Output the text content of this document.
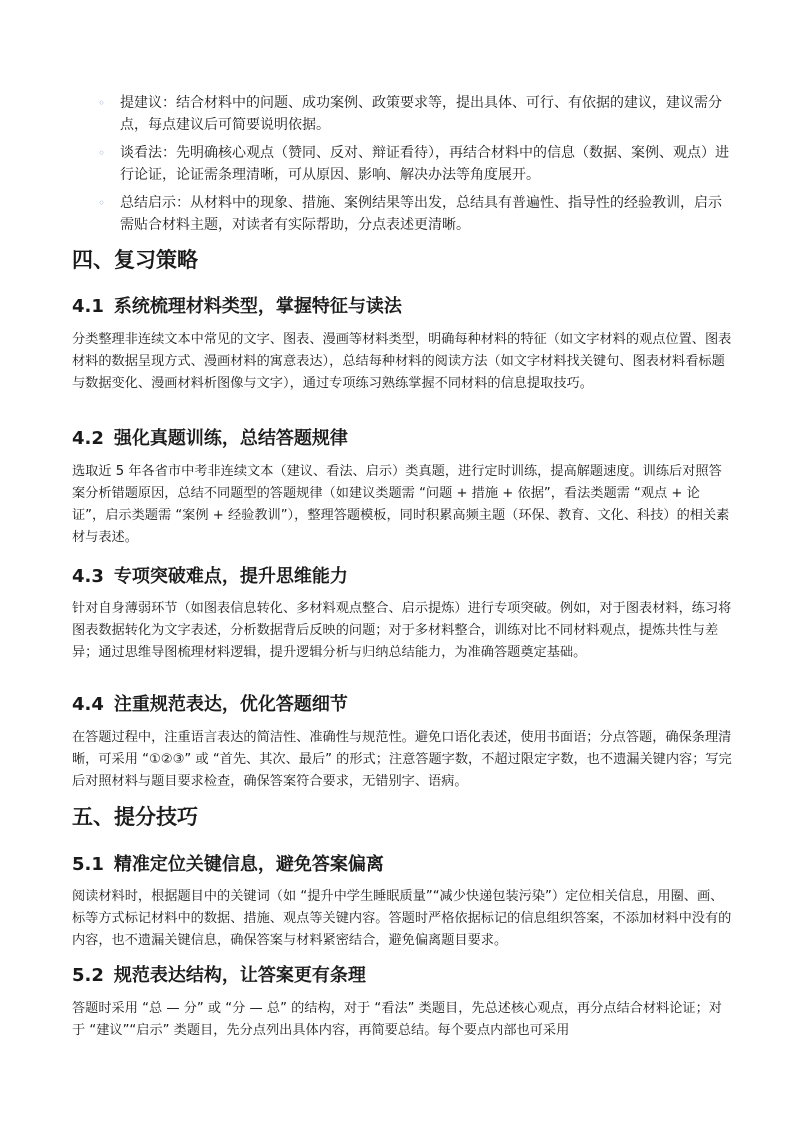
◦ 提建议：结合材料中的问题、成功案例、政策要求等，提出具体、可行、有依据的建议，建议需分点，每点建议后可简要说明依据。
◦ 谈看法：先明确核心观点（赞同、反对、辩证看待），再结合材料中的信息（数据、案例、观点）进行论证，论证需条理清晰，可从原因、影响、解决办法等角度展开。
◦ 总结启示：从材料中的现象、措施、案例结果等出发，总结具有普遍性、指导性的经验教训，启示需贴合材料主题，对读者有实际帮助，分点表述更清晰。
四、复习策略
4.1 系统梳理材料类型，掌握特征与读法

分类整理非连续文本中常见的文字、图表、漫画等材料类型，明确每种材料的特征（如文字材料的观点位置、图表材料的数据呈现方式、漫画材料的寓意表达），总结每种材料的阅读方法（如文字材料找关键句、图表材料看标题与数据变化、漫画材料析图像与文字），通过专项练习熟练掌握不同材料的信息提取技巧。

4.2 强化真题训练，总结答题规律

选取近 5 年各省市中考非连续文本（建议、看法、启示）类真题，进行定时训练，提高解题速度。训练后对照答案分析错题原因，总结不同题型的答题规律（如建议类题需 “问题 + 措施 + 依据”，看法类题需 “观点 + 论证”，启示类题需 “案例 + 经验教训”），整理答题模板，同时积累高频主题（环保、教育、文化、科技）的相关素材与表述。

4.3 专项突破难点，提升思维能力

针对自身薄弱环节（如图表信息转化、多材料观点整合、启示提炼）进行专项突破。例如，对于图表材料，练习将图表数据转化为文字表述，分析数据背后反映的问题；对于多材料整合，训练对比不同材料观点，提炼共性与差异；通过思维导图梳理材料逻辑，提升逻辑分析与归纳总结能力，为准确答题奠定基础。

4.4 注重规范表达，优化答题细节

在答题过程中，注重语言表达的简洁性、准确性与规范性。避免口语化表述，使用书面语；分点答题，确保条理清晰，可采用 “①②③” 或 “首先、其次、最后” 的形式；注意答题字数，不超过限定字数，也不遗漏关键内容；写完后对照材料与题目要求检查，确保答案符合要求，无错别字、语病。

五、提分技巧
5.1 精准定位关键信息，避免答案偏离

阅读材料时，根据题目中的关键词（如 “提升中学生睡眠质量”“减少快递包装污染”）定位相关信息，用圈、画、标等方式标记材料中的数据、措施、观点等关键内容。答题时严格依据标记的信息组织答案，不添加材料中没有的内容，也不遗漏关键信息，确保答案与材料紧密结合，避免偏离题目要求。

5.2 规范表达结构，让答案更有条理

答题时采用 “总 — 分” 或 “分 — 总” 的结构，对于 “看法” 类题目，先总述核心观点，再分点结合材料论证；对于 “建议”“启示” 类题目，先分点列出具体内容，再简要总结。每个要点内部也可采用
